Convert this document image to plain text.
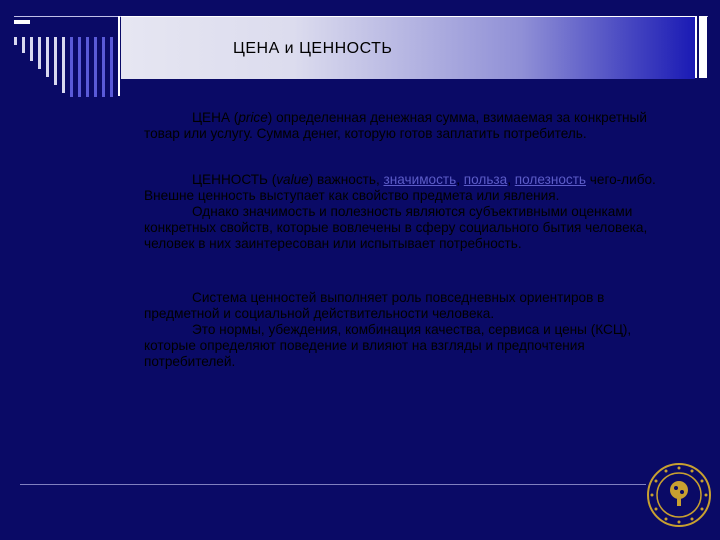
ЦЕНА и ЦЕННОСТЬ

ЦЕНА (price) определенная денежная сумма, взимаемая за конкретный товар или услугу. Сумма денег, которую готов заплатить потребитель.

ЦЕННОСТЬ (value) важность, значимость, польза, полезность чего-либо. Внешне ценность выступает как свойство предмета или явления.

Однако значимость и полезность являются субъективными оценками конкретных свойств, которые вовлечены в сферу социального бытия человека, человек в них заинтересован или испытывает потребность.

Система ценностей выполняет роль повседневных ориентиров в предметной и социальной действительности человека.

Это нормы, убеждения, комбинация качества, сервиса и цены (КСЦ), которые определяют поведение и влияют на взгляды и предпочтения потребителей.
